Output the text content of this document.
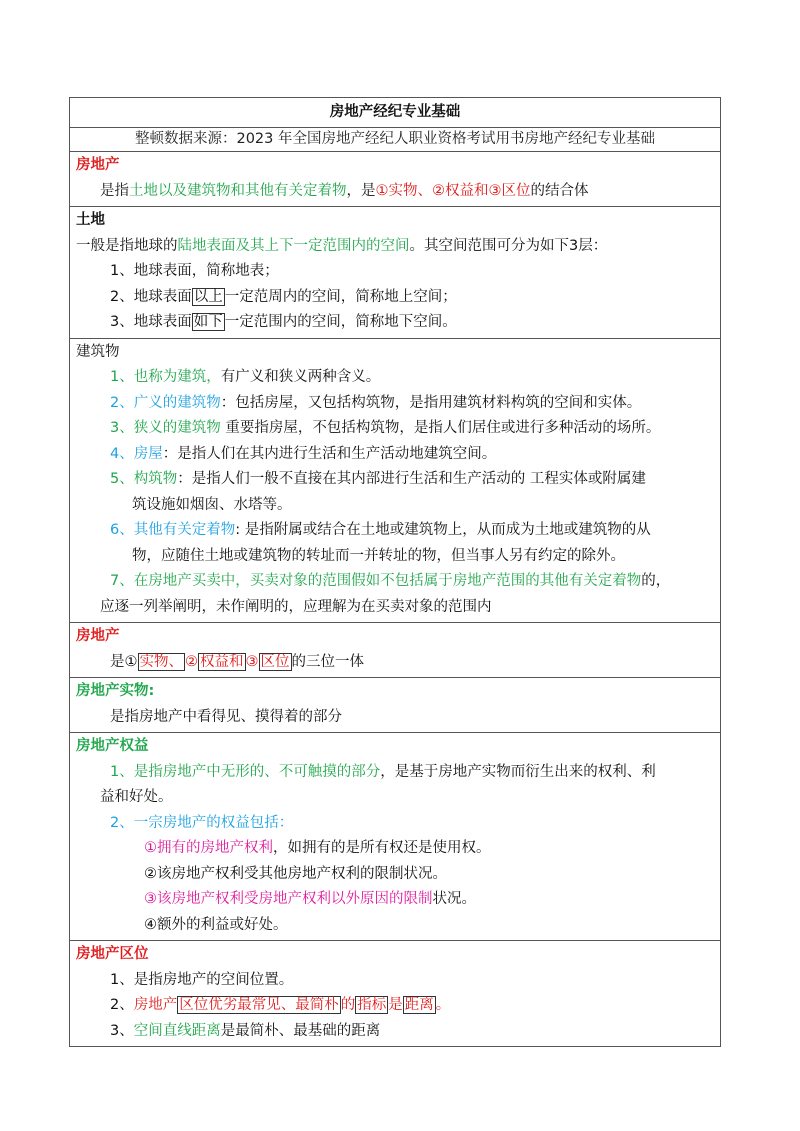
房地产经纪专业基础
整顿数据来源：2023 年全国房地产经纪人职业资格考试用书房地产经纪专业基础
房地产
是指土地以及建筑物和其他有关定着物，是①实物、②权益和③区位的结合体
土地
一般是指地球的陆地表面及其上下一定范围内的空间。其空间范围可分为如下3层：
1、地球表面，简称地表；
2、地球表面 以上 一定范周内的空间，简称地上空间；
3、地球表面 如下 一定范围内的空间，简称地下空间。
建筑物
1、也称为建筑，有广义和狭义两种含义。
2、广义的建筑物：包括房屋，又包括构筑物，是指用建筑材料构筑的空间和实体。
3、狭义的建筑物 重要指房屋，不包括构筑物，是指人们居住或进行多种活动的场所。
4、房屋：是指人们在其内进行生活和生产活动地建筑空间。
5、构筑物：是指人们一般不直接在其内部进行生活和生产活动的 工程实体或附属建
筑设施如烟囱、水塔等。
6、其他有关定着物: 是指附属或结合在土地或建筑物上，从而成为土地或建筑物的从
物，应随住土地或建筑物的转址而一并转址的物，但当事人另有约定的除外。
7、在房地产买卖中，买卖对象的范围假如不包括属于房地产范围的其他有关定着物的，
应逐一列举阐明，未作阐明的，应理解为在买卖对象的范围内
房地产
是① 实物、 ② 权益和 ③ 区位 的三位一体
房地产实物:
是指房地产中看得见、摸得着的部分
房地产权益
1、是指房地产中无形的、不可触摸的部分，是基于房地产实物而衍生出来的权利、利
益和好处。
2、一宗房地产的权益包括：
①拥有的房地产权利，如拥有的是所有权还是使用权。
②该房地产权利受其他房地产权利的限制状况。
③该房地产权利受房地产权利以外原因的限制状况。
④额外的利益或好处。
房地产区位
1、是指房地产的空间位置。
2、房地产 区位优劣最常见、最简朴 的 指标 是 距离 。
3、空间直线距离是最简朴、最基础的距离
